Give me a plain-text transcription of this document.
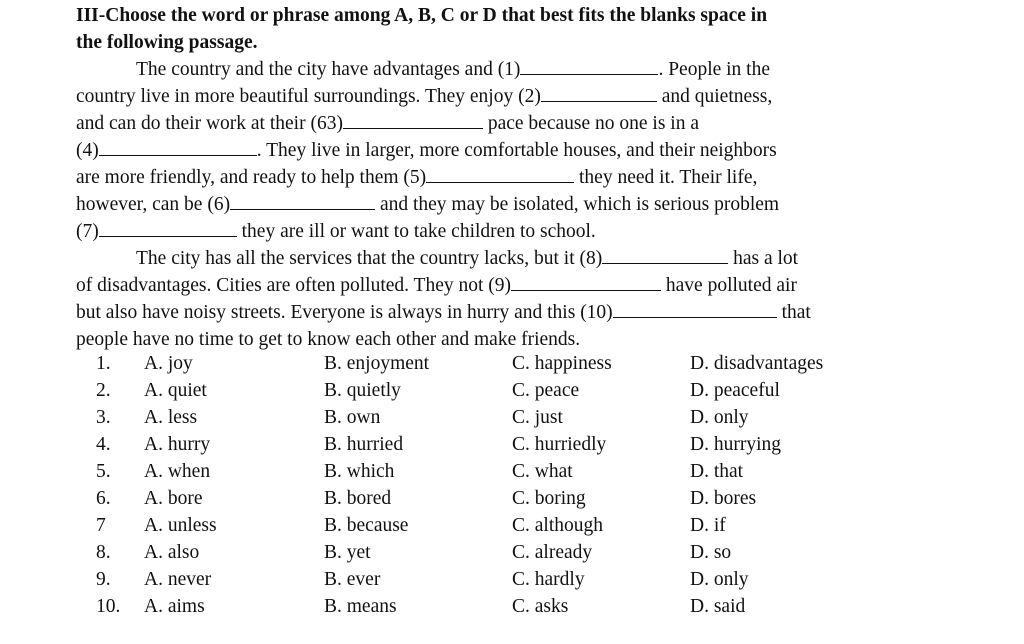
III-Choose the word or phrase among A, B, C or D that best fits the blanks space in
the following passage.

The country and the city have advantages and (1)	. People in the
country live in more beautiful surroundings. They enjoy (2)	and quietness,
and can do their work at their (63)	pace because no one is in a
(4)	. They live in larger, more comfortable houses, and their neighbors
are more friendly, and ready to help them (5)	they need it. Their life,
however, can be (6)	and they may be isolated, which is serious problem
(7)	they are ill or want to take children to school.

The city has all the services that the country lacks, but it (8)	has a lot
of disadvantages. Cities are often polluted. They not (9)	have polluted air
but also have noisy streets. Everyone is always in hurry and this (10)	that
people have no time to get to know each other and make friends.

1. A. joy	B. enjoyment	C. happiness	D. disadvantages
2. A. quiet	B. quietly	C. peace	D. peaceful
3. A. less	B. own	C. just	D. only
4. A. hurry	B. hurried	C. hurriedly	D. hurrying
5. A. when	B. which	C. what	D. that
6. A. bore	B. bored	C. boring	D. bores
7 A. unless	B. because	C. although	D. if
8. A. also	B. yet	C. already	D. so
9. A. never	B. ever	C. hardly	D. only
10. A. aims	B. means	C. asks	D. said
